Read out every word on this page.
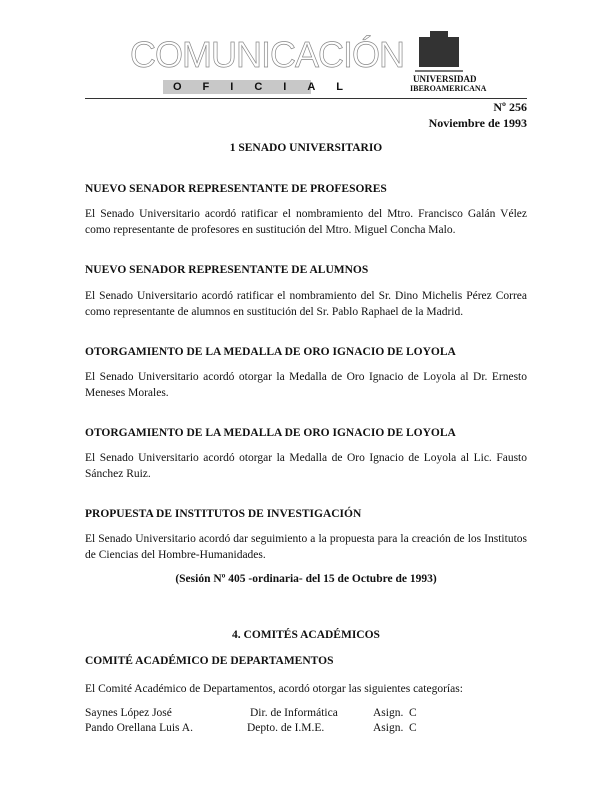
COMUNICACIÓN
OFICIAL
UNIVERSIDAD
IBEROAMERICANA
Nº 256
Noviembre de 1993
1 SENADO UNIVERSITARIO
NUEVO SENADOR REPRESENTANTE DE PROFESORES
El Senado Universitario acordó ratificar el nombramiento del Mtro. Francisco Galán Vélez como representante de profesores en sustitución del Mtro. Miguel Concha Malo.
NUEVO SENADOR REPRESENTANTE DE ALUMNOS
El Senado Universitario acordó ratificar el nombramiento del Sr. Dino Michelis Pérez Correa como representante de alumnos en sustitución del Sr. Pablo Raphael de la Madrid.
OTORGAMIENTO DE LA MEDALLA DE ORO IGNACIO DE LOYOLA
El Senado Universitario acordó otorgar la Medalla de Oro Ignacio de Loyola al Dr. Ernesto Meneses Morales.
OTORGAMIENTO DE LA MEDALLA DE ORO IGNACIO DE LOYOLA
El Senado Universitario acordó otorgar la Medalla de Oro Ignacio de Loyola al Lic. Fausto Sánchez Ruiz.
PROPUESTA DE INSTITUTOS DE INVESTIGACIÓN
El Senado Universitario acordó dar seguimiento a la propuesta para la creación de los Institutos de Ciencias del Hombre-Humanidades.
(Sesión Nº 405 -ordinaria- del 15 de Octubre de 1993)
4. COMITÉS ACADÉMICOS
COMITÉ ACADÉMICO DE DEPARTAMENTOS
El Comité Académico de Departamentos, acordó otorgar las siguientes categorías:
Saynes López José	Dir. de Informática	Asign. C
Pando Orellana Luis A.	Depto. de I.M.E.	Asign. C
